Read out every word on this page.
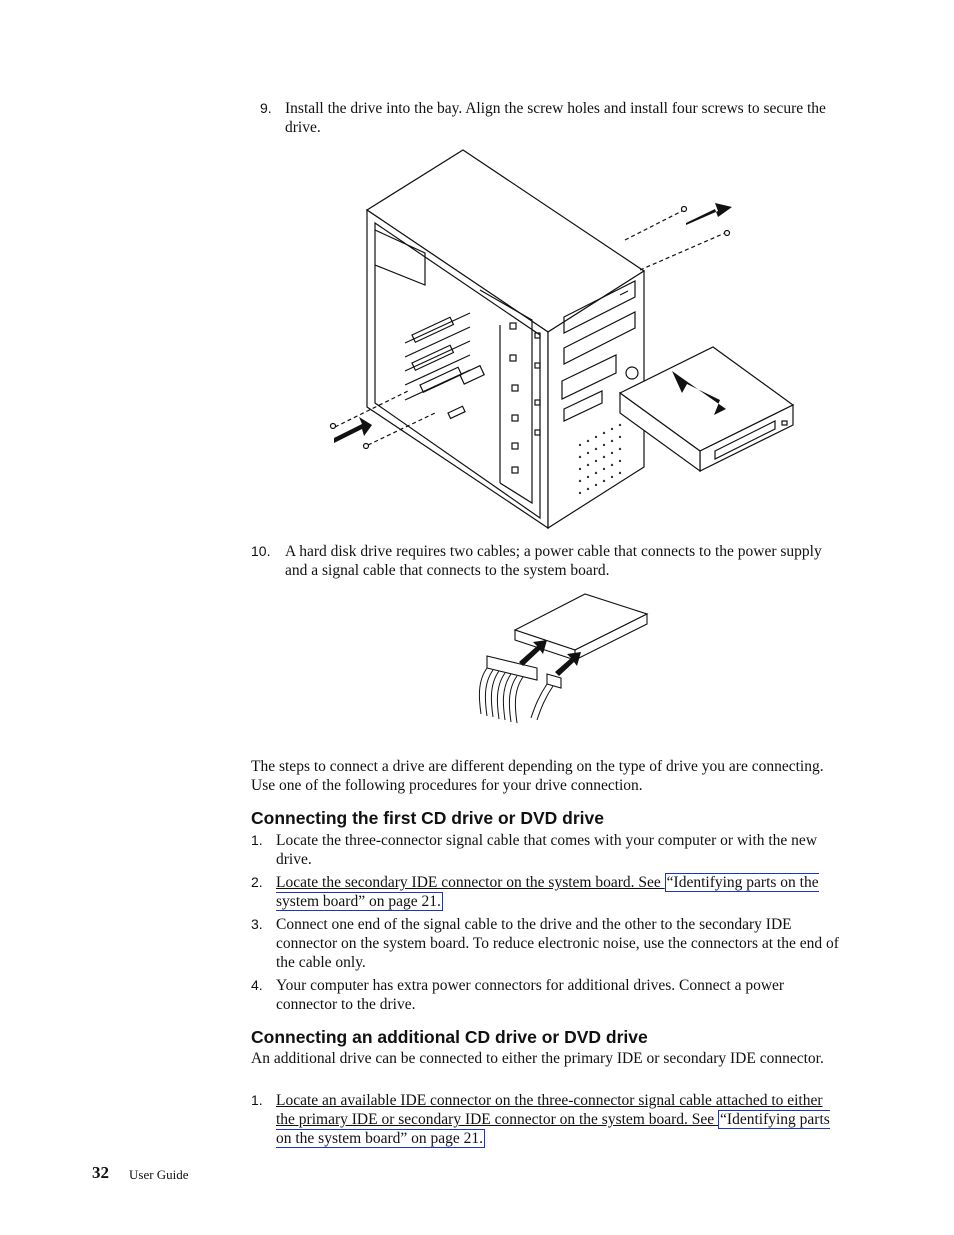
9. Install the drive into the bay. Align the screw holes and install four screws to secure the drive.

10. A hard disk drive requires two cables; a power cable that connects to the power supply and a signal cable that connects to the system board.

The steps to connect a drive are different depending on the type of drive you are connecting. Use one of the following procedures for your drive connection.

Connecting the first CD drive or DVD drive
1. Locate the three-connector signal cable that comes with your computer or with the new drive.

2. Locate the secondary IDE connector on the system board. See “Identifying parts on the system board” on page 21.

3. Connect one end of the signal cable to the drive and the other to the secondary IDE connector on the system board. To reduce electronic noise, use the connectors at the end of the cable only.

4. Your computer has extra power connectors for additional drives. Connect a power connector to the drive.

Connecting an additional CD drive or DVD drive

An additional drive can be connected to either the primary IDE or secondary IDE connector.

1. Locate an available IDE connector on the three-connector signal cable attached to either the primary IDE or secondary IDE connector on the system board. See “Identifying parts on the system board” on page 21.

32 User Guide
